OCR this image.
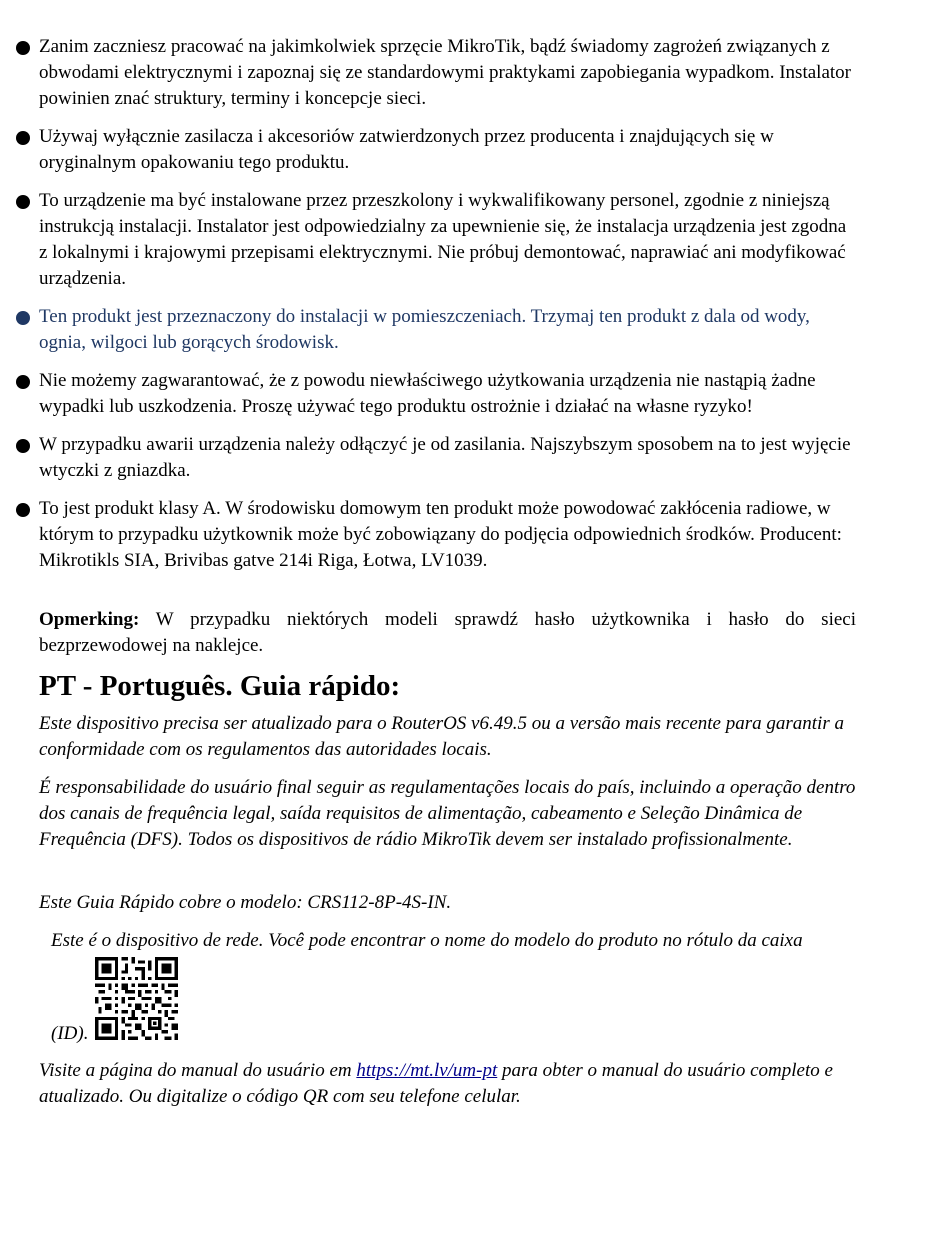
Zanim zaczniesz pracować na jakimkolwiek sprzęcie MikroTik, bądź świadomy zagrożeń związanych z obwodami elektrycznymi i zapoznaj się ze standardowymi praktykami zapobiegania wypadkom. Instalator powinien znać struktury, terminy i koncepcje sieci.
Używaj wyłącznie zasilacza i akcesoriów zatwierdzonych przez producenta i znajdujących się w oryginalnym opakowaniu tego produktu.
To urządzenie ma być instalowane przez przeszkolony i wykwalifikowany personel, zgodnie z niniejszą instrukcją instalacji. Instalator jest odpowiedzialny za upewnienie się, że instalacja urządzenia jest zgodna z lokalnymi i krajowymi przepisami elektrycznymi. Nie próbuj demontować, naprawiać ani modyfikować urządzenia.
Ten produkt jest przeznaczony do instalacji w pomieszczeniach. Trzymaj ten produkt z dala od wody, ognia, wilgoci lub gorących środowisk.
Nie możemy zagwarantować, że z powodu niewłaściwego użytkowania urządzenia nie nastąpią żadne wypadki lub uszkodzenia. Proszę używać tego produktu ostrożnie i działać na własne ryzyko!
W przypadku awarii urządzenia należy odłączyć je od zasilania. Najszybszym sposobem na to jest wyjęcie wtyczki z gniazdka.
To jest produkt klasy A. W środowisku domowym ten produkt może powodować zakłócenia radiowe, w którym to przypadku użytkownik może być zobowiązany do podjęcia odpowiednich środków. Producent: Mikrotikls SIA, Brivibas gatve 214i Riga, Łotwa, LV1039.

Opmerking: W przypadku niektórych modeli sprawdź hasło użytkownika i hasło do sieci bezprzewodowej na naklejce.

PT - Português. Guia rápido:

Este dispositivo precisa ser atualizado para o RouterOS v6.49.5 ou a versão mais recente para garantir a conformidade com os regulamentos das autoridades locais.

É responsabilidade do usuário final seguir as regulamentações locais do país, incluindo a operação dentro dos canais de frequência legal, saída requisitos de alimentação, cabeamento e Seleção Dinâmica de Frequência (DFS). Todos os dispositivos de rádio MikroTik devem ser instalado profissionalmente.

Este Guia Rápido cobre o modelo: CRS112-8P-4S-IN.

Este é o dispositivo de rede. Você pode encontrar o nome do modelo do produto no rótulo da caixa

(ID).

Visite a página do manual do usuário em https://mt.lv/um-pt para obter o manual do usuário completo e atualizado. Ou digitalize o código QR com seu telefone celular.
